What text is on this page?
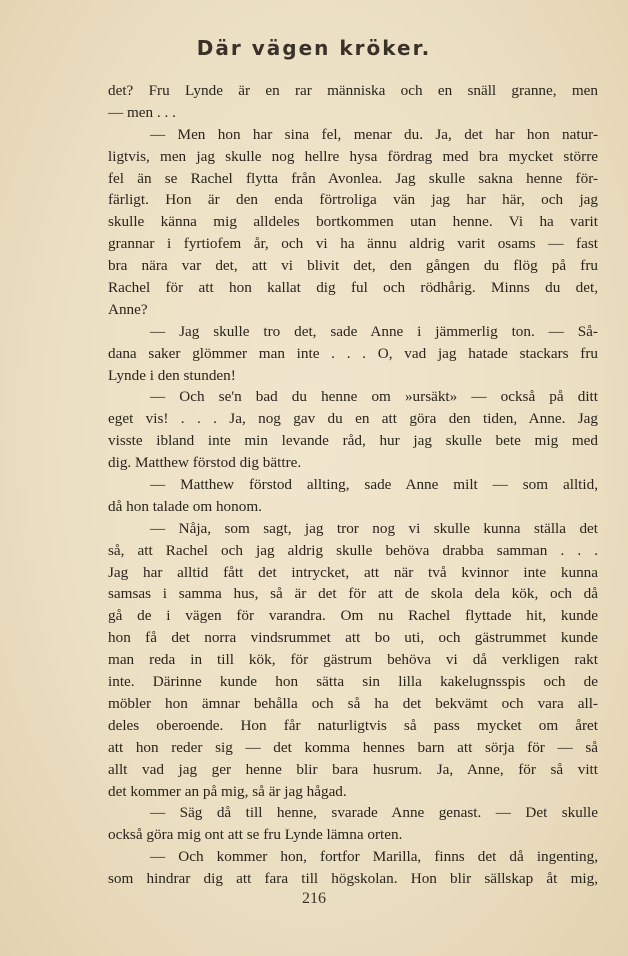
Där vägen kröker.
det? Fru Lynde är en rar människa och en snäll granne, men
— men . . .
— Men hon har sina fel, menar du. Ja, det har hon natur-
ligtvis, men jag skulle nog hellre hysa fördrag med bra mycket större
fel än se Rachel flytta från Avonlea. Jag skulle sakna henne för-
färligt. Hon är den enda förtroliga vän jag har här, och jag
skulle känna mig alldeles bortkommen utan henne. Vi ha varit
grannar i fyrtiofem år, och vi ha ännu aldrig varit osams — fast
bra nära var det, att vi blivit det, den gången du flög på fru
Rachel för att hon kallat dig ful och rödhårig. Minns du det,
Anne?
— Jag skulle tro det, sade Anne i jämmerlig ton. — Så-
dana saker glömmer man inte . . . O, vad jag hatade stackars fru
Lynde i den stunden!
— Och se'n bad du henne om »ursäkt» — också på ditt
eget vis! . . . Ja, nog gav du en att göra den tiden, Anne. Jag
visste ibland inte min levande råd, hur jag skulle bete mig med
dig. Matthew förstod dig bättre.
— Matthew förstod allting, sade Anne milt — som alltid,
då hon talade om honom.
— Nåja, som sagt, jag tror nog vi skulle kunna ställa det
så, att Rachel och jag aldrig skulle behöva drabba samman . . .
Jag har alltid fått det intrycket, att när två kvinnor inte kunna
samsas i samma hus, så är det för att de skola dela kök, och då
gå de i vägen för varandra. Om nu Rachel flyttade hit, kunde
hon få det norra vindsrummet att bo uti, och gästrummet kunde
man reda in till kök, för gästrum behöva vi då verkligen rakt
inte. Därinne kunde hon sätta sin lilla kakelugnsspis och de
möbler hon ämnar behålla och så ha det bekvämt och vara all-
deles oberoende. Hon får naturligtvis så pass mycket om året
att hon reder sig — det komma hennes barn att sörja för — så
allt vad jag ger henne blir bara husrum. Ja, Anne, för så vitt
det kommer an på mig, så är jag hågad.
— Säg då till henne, svarade Anne genast. — Det skulle
också göra mig ont att se fru Lynde lämna orten.
— Och kommer hon, fortfor Marilla, finns det då ingenting,
som hindrar dig att fara till högskolan. Hon blir sällskap åt mig,
216
